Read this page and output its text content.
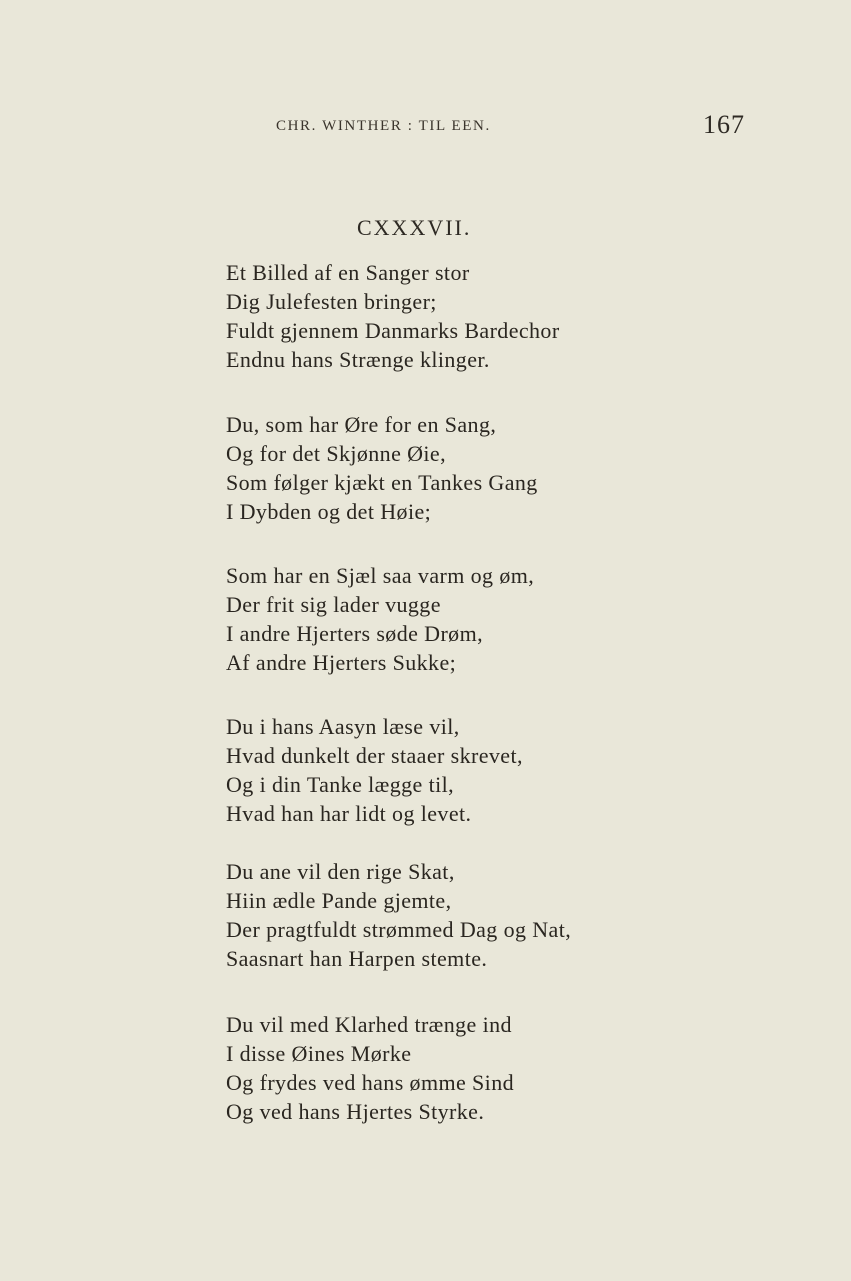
CHR. WINTHER : TIL EEN.	167
CXXXVII.
Et Billed af en Sanger stor
Dig Julefesten bringer;
Fuldt gjennem Danmarks Bardechor
Endnu hans Strænge klinger.
Du, som har Øre for en Sang,
Og for det Skjønne Øie,
Som følger kjækt en Tankes Gang
I Dybden og det Høie;
Som har en Sjæl saa varm og øm,
Der frit sig lader vugge
I andre Hjerters søde Drøm,
Af andre Hjerters Sukke;
Du i hans Aasyn læse vil,
Hvad dunkelt der staaer skrevet,
Og i din Tanke lægge til,
Hvad han har lidt og levet.
Du ane vil den rige Skat,
Hiin ædle Pande gjemte,
Der pragtfuldt strømmed Dag og Nat,
Saasnart han Harpen stemte.
Du vil med Klarhed trænge ind
I disse Øines Mørke
Og frydes ved hans ømme Sind
Og ved hans Hjertes Styrke.
